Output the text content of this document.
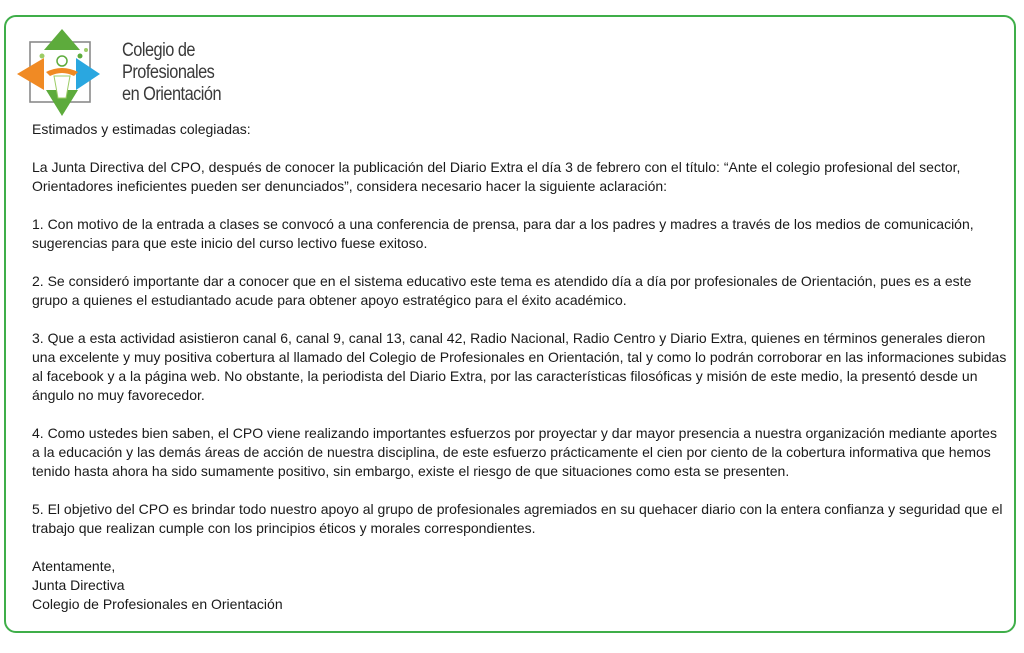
Colegio de
Profesionales
en Orientación

Estimados y estimadas colegiadas:

La Junta Directiva del CPO, después de conocer la publicación del Diario Extra el día 3 de febrero con el título: “Ante el colegio profesional del sector, Orientadores ineficientes pueden ser denunciados”, considera necesario hacer la siguiente aclaración:

1. Con motivo de la entrada a clases se convocó a una conferencia de prensa, para dar a los padres y madres a través de los medios de comunicación, sugerencias para que este inicio del curso lectivo fuese exitoso.

2. Se consideró importante dar a conocer que en el sistema educativo este tema es atendido día a día por profesionales de Orientación, pues es a este grupo a quienes el estudiantado acude para obtener apoyo estratégico para el éxito académico.

3. Que a esta actividad asistieron canal 6, canal 9, canal 13, canal 42, Radio Nacional, Radio Centro y Diario Extra, quienes en términos generales dieron una excelente y muy positiva cobertura al llamado del Colegio de Profesionales en Orientación, tal y como lo podrán corroborar en las informaciones subidas al facebook y a la página web. No obstante, la periodista del Diario Extra, por las características filosóficas y misión de este medio, la presentó desde un ángulo no muy favorecedor.

4. Como ustedes bien saben, el CPO viene realizando importantes esfuerzos por proyectar y dar mayor presencia a nuestra organización mediante aportes a la educación y las demás áreas de acción de nuestra disciplina, de este esfuerzo prácticamente el cien por ciento de la cobertura informativa que hemos tenido hasta ahora ha sido sumamente positivo, sin embargo, existe el riesgo de que situaciones como esta se presenten.

5. El objetivo del CPO es brindar todo nuestro apoyo al grupo de profesionales agremiados en su quehacer diario con la entera confianza y seguridad que el trabajo que realizan cumple con los principios éticos y morales correspondientes.

Atentamente,
Junta Directiva
Colegio de Profesionales en Orientación
